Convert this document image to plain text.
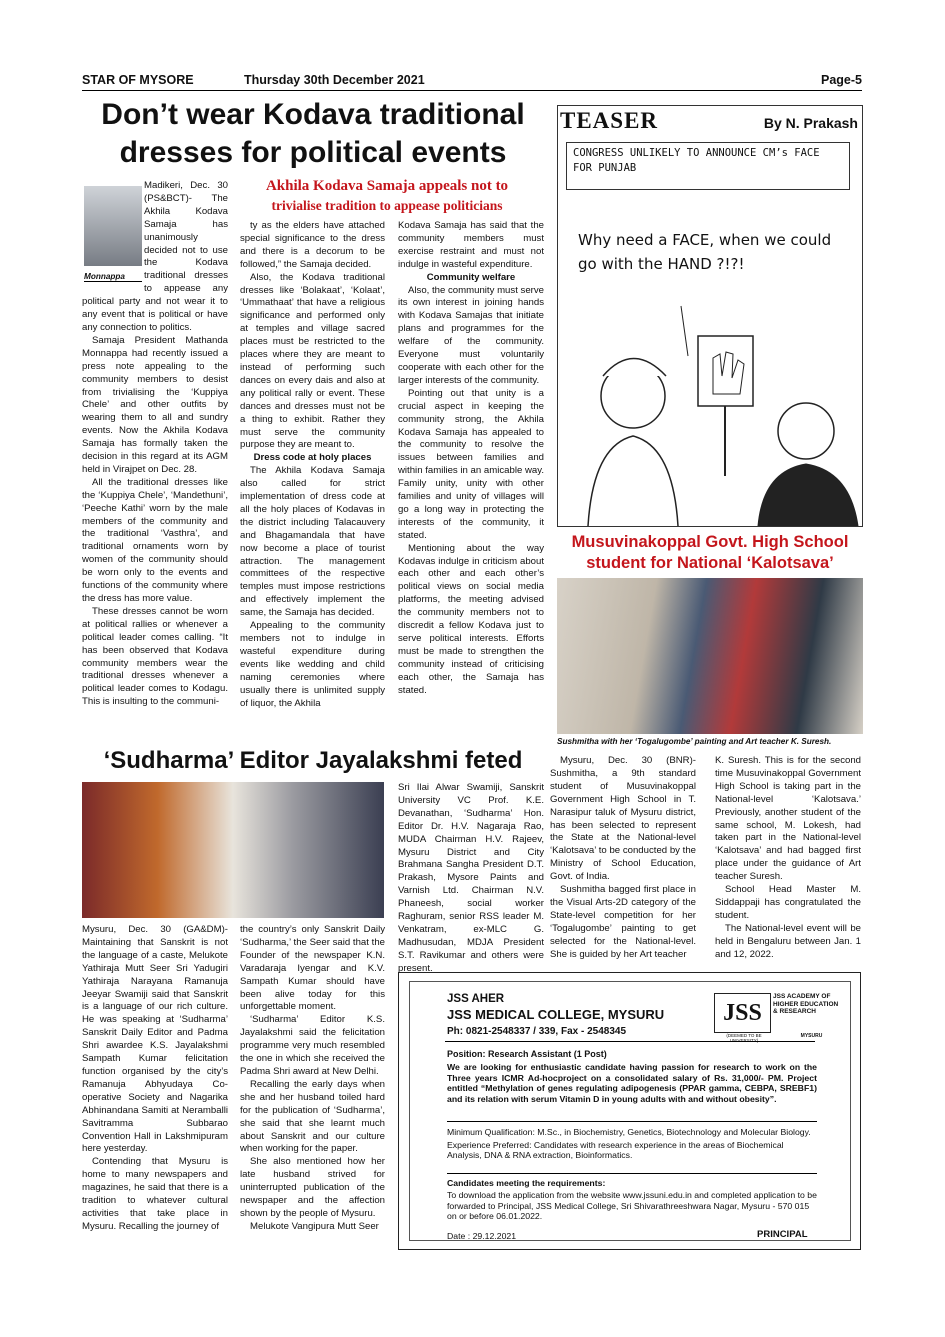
STAR OF MYSORE	Thursday 30th December 2021	Page-5
Don’t wear Kodava traditional dresses for political events
Monnappa
Akhila Kodava Samaja appeals not to
trivialise tradition to appease politicians

Madikeri, Dec. 30 (PS&BCT)- The Akhila Kodava Samaja has unanimously decided not to use the Kodava traditional dresses to appease any political party and not wear it to any event that is political or have any connection to politics.

Samaja President Mathanda Monnappa had recently issued a press note appealing to the community members to desist from trivialising the ‘Kuppiya Chele’ and other outfits by wearing them to all and sundry events. Now the Akhila Kodava Samaja has formally taken the decision in this regard at its AGM held in Virajpet on Dec. 28.

All the traditional dresses like the ‘Kuppiya Chele’, ‘Mandethuni’, ‘Peeche Kathi’ worn by the male members of the community and the traditional ‘Vasthra’, and traditional ornaments worn by women of the community should be worn only to the events and functions of the community where the dress has more value.

These dresses cannot be worn at political rallies or whenever a political leader comes calling. “It has been observed that Kodava community members wear the traditional dresses whenever a political leader comes to Kodagu. This is insulting to the communi-

ty as the elders have attached special significance to the dress and there is a decorum to be followed,” the Samaja decided.

Also, the Kodava traditional dresses like ‘Bolakaat’, ‘Kolaat’, ‘Ummathaat’ that have a religious significance and performed only at temples and village sacred places must be restricted to the places where they are meant to instead of performing such dances on every dais and also at any political rally or event. These dances and dresses must not be a thing to exhibit. Rather they must serve the community purpose they are meant to.

Dress code at holy places

The Akhila Kodava Samaja also called for strict implementation of dress code at all the holy places of Kodavas in the district including Talacauvery and Bhagamandala that have now become a place of tourist attraction. The management committees of the respective temples must impose restrictions and effectively implement the same, the Samaja has decided.

Appealing to the community members not to indulge in wasteful expenditure during events like wedding and child naming ceremonies where usually there is unlimited supply of liquor, the Akhila

Kodava Samaja has said that the community members must exercise restraint and must not indulge in wasteful expenditure.

Community welfare

Also, the community must serve its own interest in joining hands with Kodava Samajas that initiate plans and programmes for the welfare of the community. Everyone must voluntarily cooperate with each other for the larger interests of the community.

Pointing out that unity is a crucial aspect in keeping the community strong, the Akhila Kodava Samaja has appealed to the community to resolve the issues between families and within families in an amicable way. Family unity, unity with other families and unity of villages will go a long way in protecting the interests of the community, it stated.

Mentioning about the way Kodavas indulge in criticism about each other and each other’s political views on social media platforms, the meeting advised the community members not to discredit a fellow Kodava just to serve political interests. Efforts must be made to strengthen the community instead of criticising each other, the Samaja has stated.

TEASER	By N. Prakash
CONGRESS UNLIKELY TO ANNOUNCE CM’s FACE FOR PUNJAB
Why need a FACE, when we could go with the HAND ?!?!
Musuvinakoppal Govt. High School student for National ‘Kalotsava’
Sushmitha with her ‘Togalugombe’ painting and Art teacher K. Suresh.

Mysuru, Dec. 30 (BNR)- Sushmitha, a 9th standard student of Musuvinakoppal Government High School in T. Narasipur taluk of Mysuru district, has been selected to represent the State at the National-level ‘Kalotsava’ to be conducted by the Ministry of School Education, Govt. of India.

Sushmitha bagged first place in the Visual Arts-2D category of the State-level competition for her ‘Togalugombe’ painting to get selected for the National-level. She is guided by her Art teacher

K. Suresh. This is for the second time Musuvinakoppal Government High School is taking part in the National-level ‘Kalotsava.’ Previously, another student of the same school, M. Lokesh, had taken part in the National-level ‘Kalotsava’ and had bagged first place under the guidance of Art teacher Suresh.

School Head Master M. Siddappaji has congratulated the student.

The National-level event will be held in Bengaluru between Jan. 1 and 12, 2022.

‘Sudharma’ Editor Jayalakshmi feted

Sri Ilai Alwar Swamiji, Sanskrit University VC Prof. K.E. Devanathan, ‘Sudharma’ Hon. Editor Dr. H.V. Nagaraja Rao, MUDA Chairman H.V. Rajeev, Mysuru District and City Brahmana Sangha President D.T. Prakash, Mysore Paints and Varnish Ltd. Chairman N.V. Phaneesh, social worker Raghuram, senior RSS leader M. Venkatram, ex-MLC G. Madhusudan, MDJA President S.T. Ravikumar and others were present.

Mysuru, Dec. 30 (GA&DM)- Maintaining that Sanskrit is not the language of a caste, Melukote Yathiraja Mutt Seer Sri Yadugiri Yathiraja Narayana Ramanuja Jeeyar Swamiji said that Sanskrit is a language of our rich culture. He was speaking at ‘Sudharma’ Sanskrit Daily Editor and Padma Shri awardee K.S. Jayalakshmi Sampath Kumar felicitation function organised by the city’s Ramanuja Abhyudaya Co-operative Society and Nagarika Abhinandana Samiti at Neramballi Savitramma Subbarao Convention Hall in Lakshmipuram here yesterday.

Contending that Mysuru is home to many newspapers and magazines, he said that there is a tradition to whatever cultural activities that take place in Mysuru. Recalling the journey of

the country’s only Sanskrit Daily ‘Sudharma,’ the Seer said that the Founder of the newspaper K.N. Varadaraja Iyengar and K.V. Sampath Kumar should have been alive today for this unforgettable moment.

‘Sudharma’ Editor K.S. Jayalakshmi said the felicitation programme very much resembled the one in which she received the Padma Shri award at New Delhi.

Recalling the early days when she and her husband toiled hard for the publication of ‘Sudharma’, she said that she learnt much about Sanskrit and our culture when working for the paper.

She also mentioned how her late husband strived for uninterrupted publication of the newspaper and the affection shown by the people of Mysuru.

Melukote Vangipura Mutt Seer

JSS AHER
JSS MEDICAL COLLEGE, MYSURU
Ph: 0821-2548337 / 339, Fax - 2548345
JSS
JSS ACADEMY OF HIGHER EDUCATION & RESEARCH
(DEEMED TO BE UNIVERSITY)
MYSURU
Position: Research Assistant (1 Post)
We are looking for enthusiastic candidate having passion for research to work on the Three years ICMR Ad-hocproject on a consolidated salary of Rs. 31,000/- PM. Project entitled “Methylation of genes regulating adipogenesis (PPAR gamma, CEBPA, SREBF1) and its relation with serum Vitamin D in young adults with and without obesity”.

Minimum Qualification: M.Sc., in Biochemistry, Genetics, Biotechnology and Molecular Biology.

Experience Preferred: Candidates with research experience in the areas of Biochemical Analysis, DNA & RNA extraction, Bioinformatics.

Candidates meeting the requirements:
To download the application from the website www.jssuni.edu.in and completed application to be forwarded to Principal, JSS Medical College, Sri Shivarathreeshwara Nagar, Mysuru - 570 015 on or before 06.01.2022.
Date : 29.12.2021	PRINCIPAL
